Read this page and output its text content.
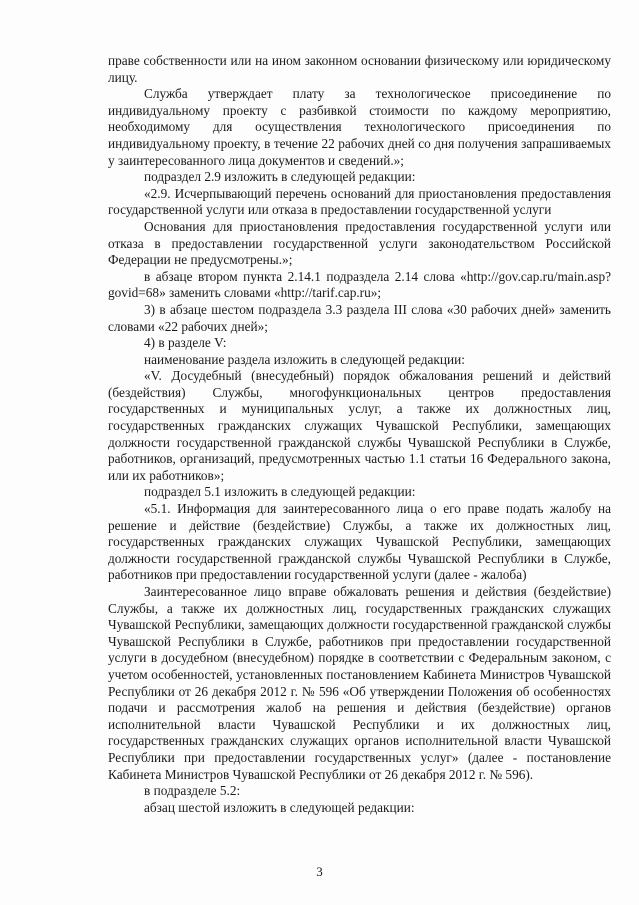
праве собственности или на ином законном основании физическому или юридическому лицу.

Служба утверждает плату за технологическое присоединение по индивидуальному проекту с разбивкой стоимости по каждому мероприятию, необходимому для осуществления технологического присоединения по индивидуальному проекту, в течение 22 рабочих дней со дня получения запрашиваемых у заинтересованного лица документов и сведений.»;

подраздел 2.9 изложить в следующей редакции:

«2.9. Исчерпывающий перечень оснований для приостановления предоставления государственной услуги или отказа в предоставлении государственной услуги

Основания для приостановления предоставления государственной услуги или отказа в предоставлении государственной услуги законодательством Российской Федерации не предусмотрены.»;

в абзаце втором пункта 2.14.1 подраздела 2.14 слова «http://gov.cap.ru/main.asp?govid=68» заменить словами «http://tarif.cap.ru»;

3) в абзаце шестом подраздела 3.3 раздела III слова «30 рабочих дней» заменить словами «22 рабочих дней»;

4) в разделе V:

наименование раздела изложить в следующей редакции:

«V. Досудебный (внесудебный) порядок обжалования решений и действий (бездействия) Службы, многофункциональных центров предоставления государственных и муниципальных услуг, а также их должностных лиц, государственных гражданских служащих Чувашской Республики, замещающих должности государственной гражданской службы Чувашской Республики в Службе, работников, организаций, предусмотренных частью 1.1 статьи 16 Федерального закона, или их работников»;

подраздел 5.1 изложить в следующей редакции:

«5.1. Информация для заинтересованного лица о его праве подать жалобу на решение и действие (бездействие) Службы, а также их должностных лиц, государственных гражданских служащих Чувашской Республики, замещающих должности государственной гражданской службы Чувашской Республики в Службе, работников при предоставлении государственной услуги (далее - жалоба)

Заинтересованное лицо вправе обжаловать решения и действия (бездействие) Службы, а также их должностных лиц, государственных гражданских служащих Чувашской Республики, замещающих должности государственной гражданской службы Чувашской Республики в Службе, работников при предоставлении государственной услуги в досудебном (внесудебном) порядке в соответствии с Федеральным законом, с учетом особенностей, установленных постановлением Кабинета Министров Чувашской Республики от 26 декабря 2012 г. № 596 «Об утверждении Положения об особенностях подачи и рассмотрения жалоб на решения и действия (бездействие) органов исполнительной власти Чувашской Республики и их должностных лиц, государственных гражданских служащих органов исполнительной власти Чувашской Республики при предоставлении государственных услуг» (далее - постановление Кабинета Министров Чувашской Республики от 26 декабря 2012 г. № 596).

в подразделе 5.2:

абзац шестой изложить в следующей редакции:

3
